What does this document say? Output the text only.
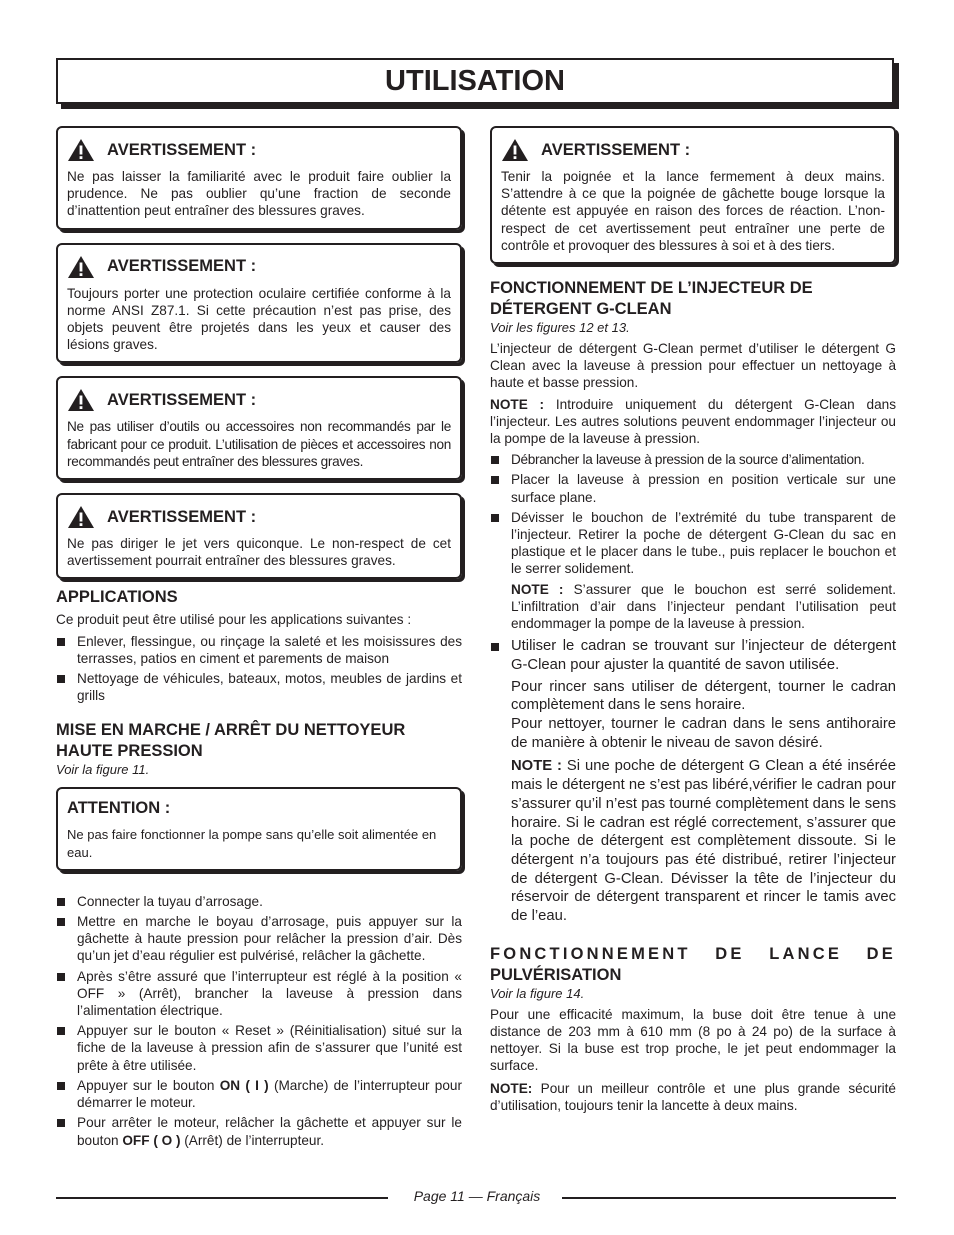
UTILISATION
AVERTISSEMENT :

Ne pas laisser la familiarité avec le produit faire oublier la prudence. Ne pas oublier qu’une fraction de seconde d’inattention peut entraîner des blessures graves.

AVERTISSEMENT :

Toujours porter une protection oculaire certifiée conforme à la norme ANSI Z87.1. Si cette précaution n’est pas prise, des objets peuvent être projetés dans les yeux et causer des lésions graves.

AVERTISSEMENT :

Ne pas utiliser d’outils ou accessoires non recommandés par le fabricant pour ce produit. L’utilisation de pièces et accessoires non recommandés peut entraîner des blessures graves.

AVERTISSEMENT :

Ne pas diriger le jet vers quiconque. Le non-respect de cet avertissement pourrait entraîner des blessures graves.

APPLICATIONS

Ce produit peut être utilisé pour les applications suivantes :

Enlever, flessingue, ou rinçage la saleté et les moisissures des terrasses, patios en ciment et parements de maison
Nettoyage de véhicules, bateaux, motos, meubles de jardins et grills
MISE EN MARCHE / ARRÊT DU NETTOYEUR HAUTE PRESSION

Voir la figure 11.

ATTENTION :

Ne pas faire fonctionner la pompe sans qu’elle soit alimentée en eau.

Connecter la tuyau d’arrosage.
Mettre en marche le boyau d’arrosage, puis appuyer sur la gâchette à haute pression pour relâcher la pression d’air. Dès qu’un jet d’eau régulier est pulvérisé, relâcher la gâchette.
Après s’être assuré que l’interrupteur est réglé à la position « OFF » (Arrêt), brancher la laveuse à pression dans l’alimentation électrique.
Appuyer sur le bouton « Reset » (Réinitialisation) situé sur la fiche de la laveuse à pression afin de s’assurer que l’unité est prête à être utilisée.
Appuyer sur le bouton ON ( I ) (Marche) de l’interrupteur pour démarrer le moteur.
Pour arrêter le moteur, relâcher la gâchette et appuyer sur le bouton OFF ( O ) (Arrêt) de l’interrupteur.
AVERTISSEMENT :

Tenir la poignée et la lance fermement à deux mains. S’attendre à ce que la poignée de gâchette bouge lorsque la détente est appuyée en raison des forces de réaction. L’non-respect de cet avertissement peut entraîner une perte de contrôle et provoquer des blessures à soi et à des tiers.

FONCTIONNEMENT DE L’INJECTEUR DE DÉTERGENT G-CLEAN

Voir les figures 12 et 13.

L’injecteur de détergent G-Clean permet d’utiliser le détergent G Clean avec la laveuse à pression pour effectuer un nettoyage à haute et basse pression.

NOTE : Introduire uniquement du détergent G-Clean dans l’injecteur. Les autres solutions peuvent endommager l’injecteur ou la pompe de la laveuse à pression.

Débrancher la laveuse à pression de la source d’alimentation.
Placer la laveuse à pression en position verticale sur une surface plane.
Dévisser le bouchon de l’extrémité du tube transparent de l’injecteur. Retirer la poche de détergent G-Clean du sac en plastique et le placer dans le tube., puis replacer le bouchon et le serrer solidement.

NOTE : S’assurer que le bouchon est serré solidement. L’infiltration d’air dans l’injecteur pendant l’utilisation peut endommager la pompe de la laveuse à pression.

Utiliser le cadran se trouvant sur l’injecteur de détergent G-Clean pour ajuster la quantité de savon utilisée.

Pour rincer sans utiliser de détergent, tourner le cadran complètement dans le sens horaire.

Pour nettoyer, tourner le cadran dans le sens antihoraire de manière à obtenir le niveau de savon désiré.

NOTE : Si une poche de détergent G Clean a été insérée mais le détergent ne s’est pas libéré,vérifier le cadran pour s’assurer qu’il n’est pas tourné complètement dans le sens horaire. Si le cadran est réglé correctement, s’assurer que la poche de détergent est complètement dissoute. Si le détergent n’a toujours pas été distribué, retirer l’injecteur de détergent G-Clean. Dévisser la tête de l’injecteur du réservoir de détergent transparent et rincer le tamis avec de l’eau.

FONCTIONNEMENT DE LANCE DE
PULVÉRISATION

Voir la figure 14.

Pour une efficacité maximum, la buse doit être tenue à une distance de 203 mm à 610 mm (8 po à 24 po) de la surface à nettoyer. Si la buse est trop proche, le jet peut endommager la surface.

NOTE: Pour un meilleur contrôle et une plus grande sécurité d’utilisation, toujours tenir la lancette à deux mains.

Page 11 — Français
